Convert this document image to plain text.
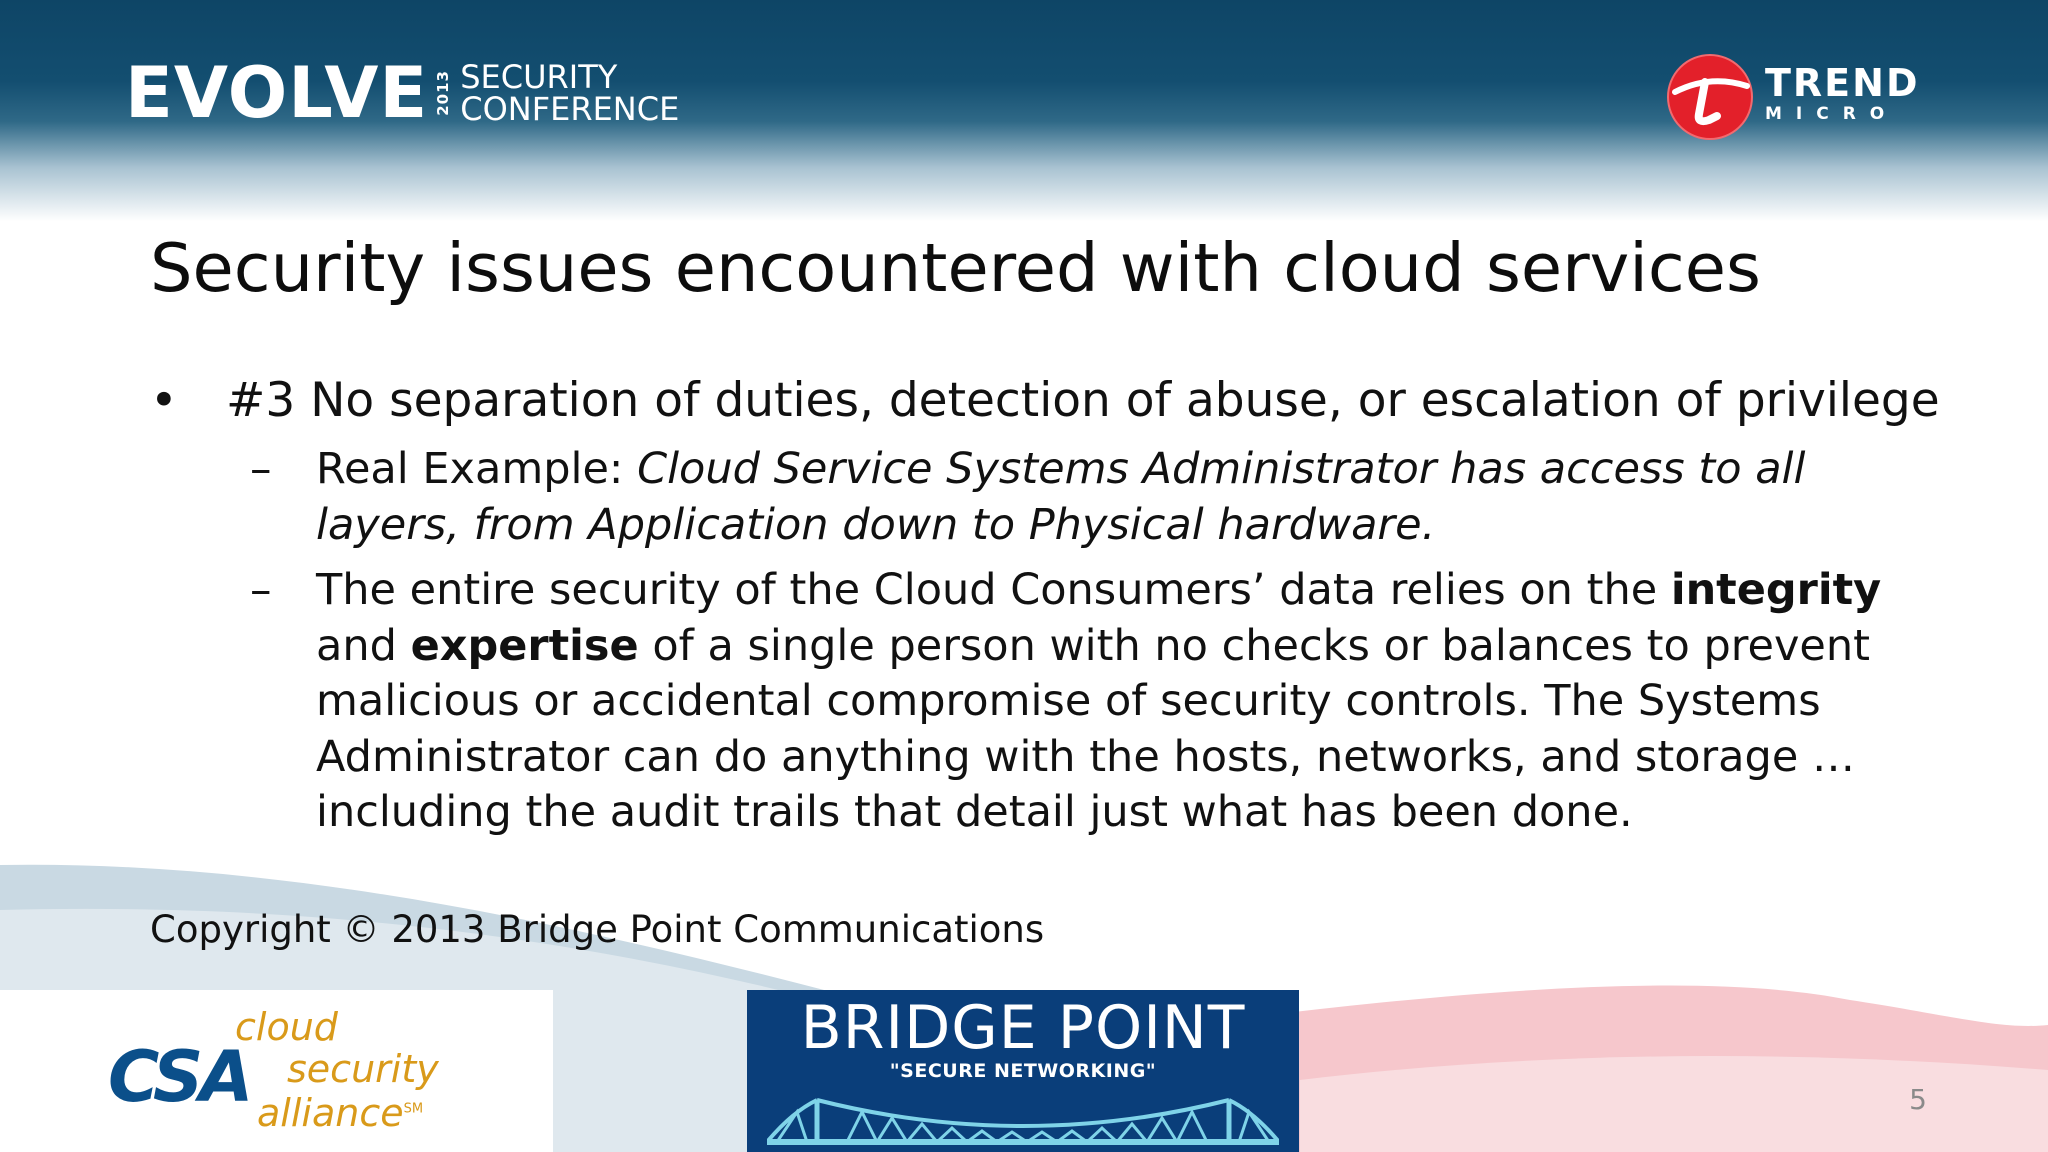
EVOLVE 2013 SECURITY
CONFERENCE
TREND
MICRO
Security issues encountered with cloud services
•	#3 No separation of duties, detection of abuse, or escalation of privilege
–	Real Example: Cloud Service Systems Administrator has access to all layers, from Application down to Physical hardware.
–	The entire security of the Cloud Consumers’ data relies on the integrity and expertise of a single person with no checks or balances to prevent malicious or accidental compromise of security controls. The Systems Administrator can do anything with the hosts, networks, and storage … including the audit trails that detail just what has been done.
Copyright © 2013 Bridge Point Communications
cloud
CSA security
alliance℠
BRIDGE POINT
"SECURE NETWORKING"
5
